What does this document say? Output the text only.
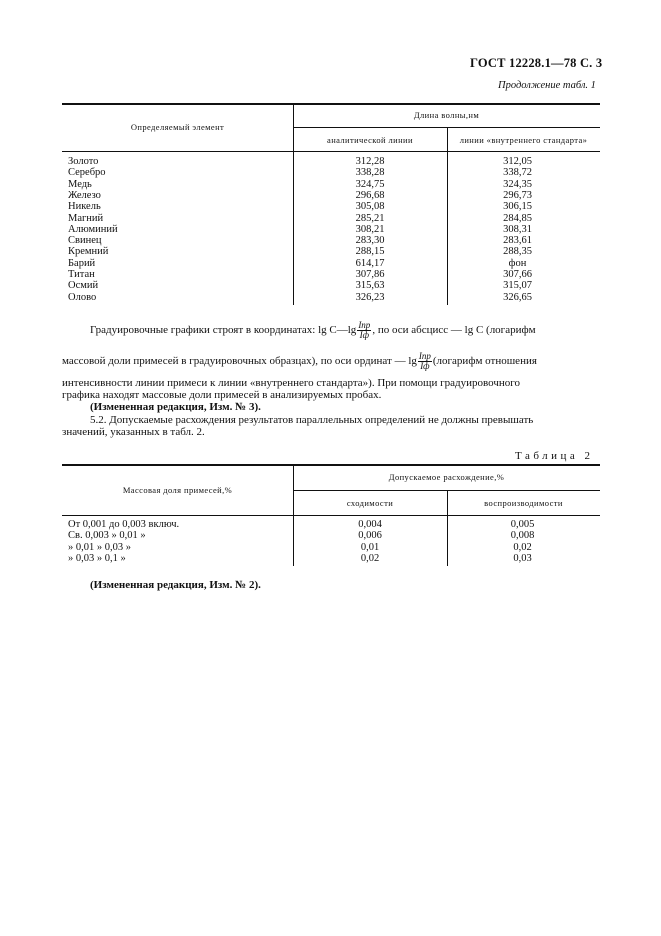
ГОСТ 12228.1—78 С. 3
Продолжение табл. 1
Определяемый элемент
Длина волны,нм
аналитической линии	линии «внутреннего стандарта»
Золото	312,28	312,05
Серебро	338,28	338,72
Медь	324,75	324,35
Железо	296,68	296,73
Никель	305,08	306,15
Магний	285,21	284,85
Алюминий	308,21	308,31
Свинец	283,30	283,61
Кремний	288,15	288,35
Барий	614,17	фон
Титан	307,86	307,66
Осмий	315,63	315,07
Олово	326,23	326,65
Градуировочные графики строят в координатах: lg C—lg $\frac{\text{Iпр}}{Iф}$ , по оси абсцисс — lg C (логарифм
массовой доли примесей в градуировочных образцах), по оси ординат — $\lg \frac{\text{Iпр}}{Iф}$ (логарифм отношения
интенсивности линии примеси к линии «внутреннего стандарта»). При помощи градуировочного
графика находят массовые доли примесей в анализируемых пробах.
(Измененная редакция, Изм. № 3).
5.2. Допускаемые расхождения результатов параллельных определений не должны превышать
значений, указанных в табл. 2.
Таблица 2
Массовая доля примесей,%
Допускаемое расхождение,%
сходимости	воспроизводимости
От 0,001 до 0,003 включ.	0,004	0,005
Св. 0,003 » 0,01 »	0,006	0,008
» 0,01 » 0,03 »	0,01	0,02
» 0,03 » 0,1 »	0,02	0,03
(Измененная редакция, Изм. № 2).
